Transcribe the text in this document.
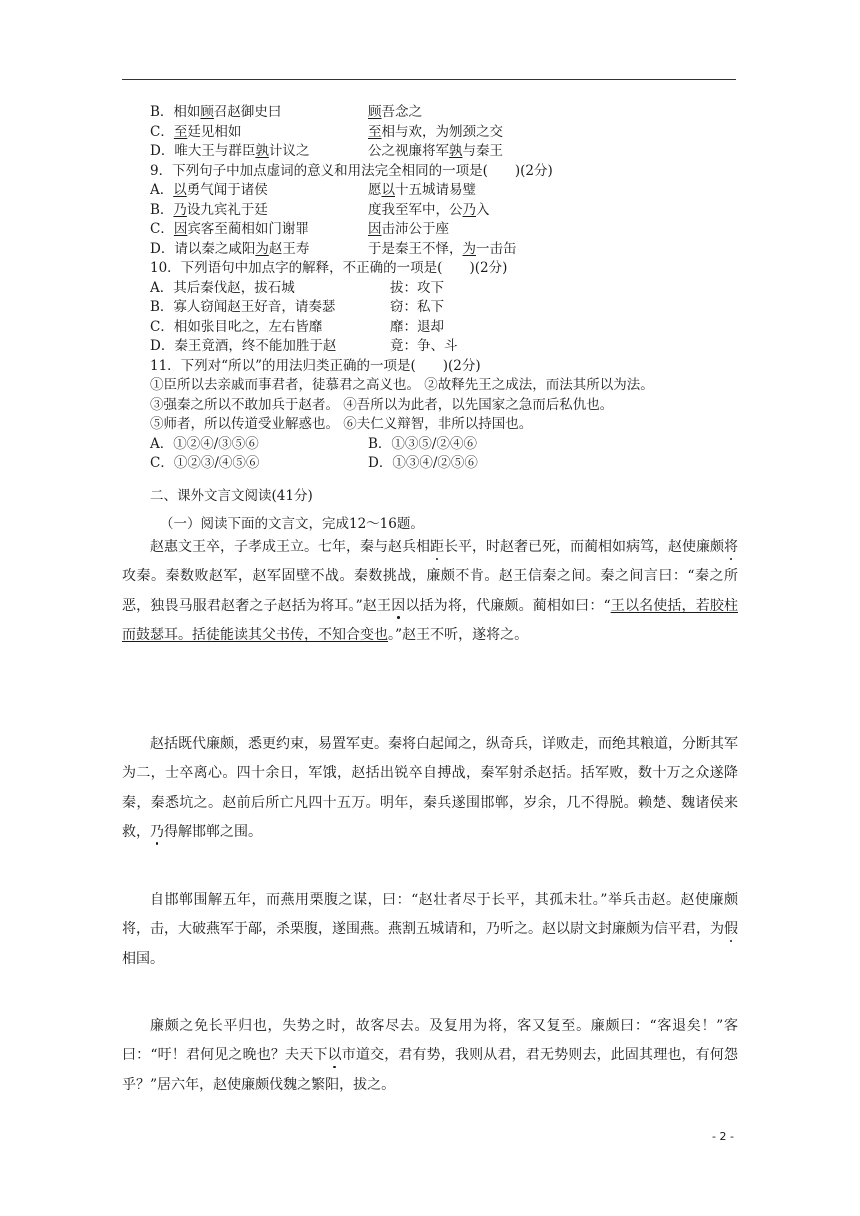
B．相如顾召赵御史曰	顾吾念之
C．至廷见相如	至相与欢，为刎颈之交
D．唯大王与群臣孰计议之	公之视廉将军孰与秦王
9．下列句子中加点虚词的意义和用法完全相同的一项是(　　)(2分)
A．以勇气闻于诸侯	愿以十五城请易璧
B．乃设九宾礼于廷	度我至军中，公乃入
C．因宾客至蔺相如门谢罪	因击沛公于座
D．请以秦之咸阳为赵王寿	于是秦王不怿，为一击缶
10．下列语句中加点字的解释，不正确的一项是(　　)(2分)
A．其后秦伐赵，拔石城	拔：攻下
B．寡人窃闻赵王好音，请奏瑟	窃：私下
C．相如张目叱之，左右皆靡	靡：退却
D．秦王竟酒，终不能加胜于赵	竟：争、斗
11．下列对“所以”的用法归类正确的一项是(　　)(2分)
①臣所以去亲戚而事君者，徒慕君之高义也。 ②故释先王之成法，而法其所以为法。
③强秦之所以不敢加兵于赵者。 ④吾所以为此者，以先国家之急而后私仇也。
⑤师者，所以传道受业解惑也。 ⑥夫仁义辩智，非所以持国也。
A．①②④/③⑤⑥	B．①③⑤/②④⑥
C．①②③/④⑤⑥	D．①③④/②⑤⑥
二、课外文言文阅读(41分)
（一）阅读下面的文言文，完成12～16题。

赵惠文王卒，子孝成王立。七年，秦与赵兵相距长平，时赵奢已死，而蔺相如病笃，赵使廉颇将攻秦。秦数败赵军，赵军固壁不战。秦数挑战，廉颇不肯。赵王信秦之间。秦之间言曰：“秦之所恶，独畏马服君赵奢之子赵括为将耳。”赵王因以括为将，代廉颇。蔺相如曰：“王以名使括，若胶柱而鼓瑟耳。括徒能读其父书传，不知合变也。”赵王不听，遂将之。

赵括既代廉颇，悉更约束，易置军吏。秦将白起闻之，纵奇兵，详败走，而绝其粮道，分断其军为二，士卒离心。四十余日，军饿，赵括出锐卒自搏战，秦军射杀赵括。括军败，数十万之众遂降秦，秦悉坑之。赵前后所亡凡四十五万。明年，秦兵遂围邯郸，岁余，几不得脱。赖楚、魏诸侯来救，乃得解邯郸之围。

自邯郸围解五年，而燕用栗腹之谋，曰：“赵壮者尽于长平，其孤未壮。”举兵击赵。赵使廉颇将，击，大破燕军于鄗，杀栗腹，遂围燕。燕割五城请和，乃听之。赵以尉文封廉颇为信平君，为假相国。

廉颇之免长平归也，失势之时，故客尽去。及复用为将，客又复至。廉颇曰：“客退矣！”客曰：“吁！君何见之晚也？夫天下以市道交，君有势，我则从君，君无势则去，此固其理也，有何怨乎？”居六年，赵使廉颇伐魏之繁阳，拔之。

- 2 -
